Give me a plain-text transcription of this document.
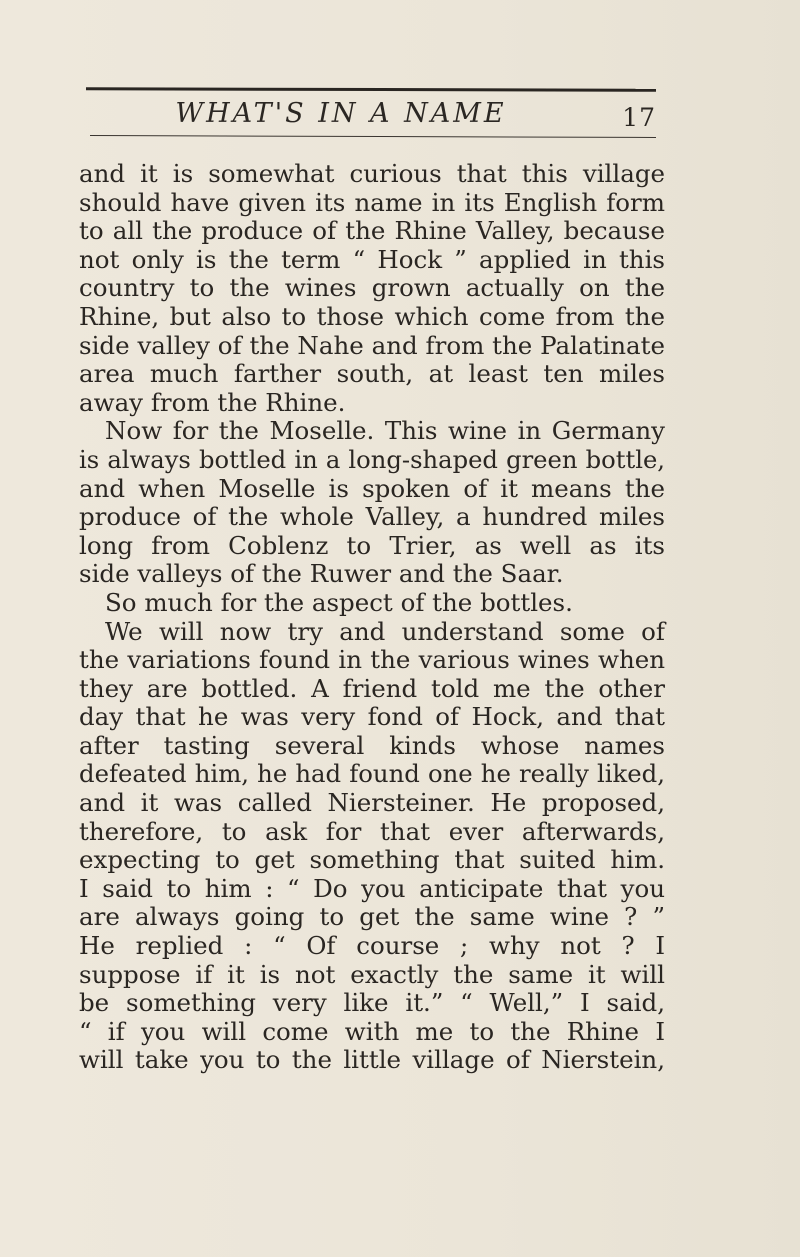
WHAT'S IN A NAME	17
and it is somewhat curious that this village
should have given its name in its English form
to all the produce of the Rhine Valley, because
not only is the term “ Hock ” applied in this
country to the wines grown actually on the
Rhine, but also to those which come from the
side valley of the Nahe and from the Palatinate
area much farther south, at least ten miles
away from the Rhine.
Now for the Moselle. This wine in Germany
is always bottled in a long-shaped green bottle,
and when Moselle is spoken of it means the
produce of the whole Valley, a hundred miles
long from Coblenz to Trier, as well as its
side valleys of the Ruwer and the Saar.
So much for the aspect of the bottles.
We will now try and understand some of
the variations found in the various wines when
they are bottled. A friend told me the other
day that he was very fond of Hock, and that
after tasting several kinds whose names
defeated him, he had found one he really liked,
and it was called Niersteiner. He proposed,
therefore, to ask for that ever afterwards,
expecting to get something that suited him.
I said to him : “ Do you anticipate that you
are always going to get the same wine ? ”
He replied : “ Of course ; why not ? I
suppose if it is not exactly the same it will
be something very like it.” “ Well,” I said,
“ if you will come with me to the Rhine I
will take you to the little village of Nierstein,
